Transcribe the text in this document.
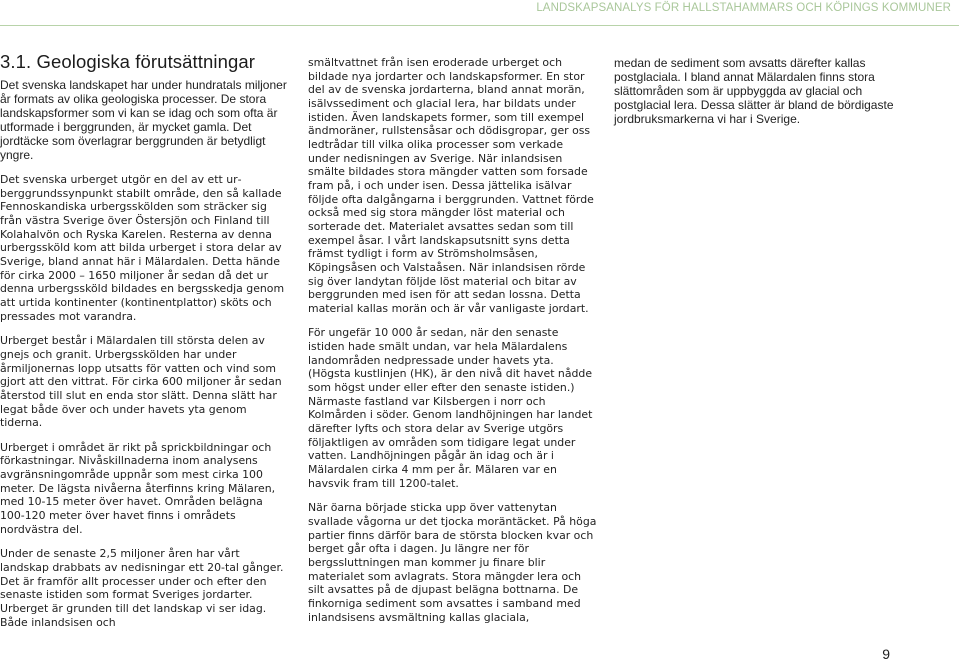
LANDSKAPSANALYS FÖR HALLSTAHAMMARS OCH KÖPINGS KOMMUNER
3.1. Geologiska förutsättningar

Det svenska landskapet har under hundratals miljoner år formats av olika geologiska processer. De stora landskapsformer som vi kan se idag och som ofta är utformade i berggrunden, är mycket gamla. Det jordtäcke som överlagrar berggrunden är betydligt yngre.

Det svenska urberget utgör en del av ett urberggrundssynpunkt stabilt område, den så kallade Fennoskandiska urbergsskölden som sträcker sig från västra Sverige över Östersjön och Finland till Kolahalvön och Ryska Karelen. Resterna av denna urbergssköld kom att bilda urberget i stora delar av Sverige, bland annat här i Mälardalen. Detta hände för cirka 2000 – 1650 miljoner år sedan då det ur denna urbergssköld bildades en bergsskedja genom att urtida kontinenter (kontinentplattor) sköts och pressades mot varandra.

Urberget består i Mälardalen till största delen av gnejs och granit. Urbergsskölden har under årmiljonernas lopp utsatts för vatten och vind som gjort att den vittrat. För cirka 600 miljoner år sedan återstod till slut en enda stor slätt. Denna slätt har legat både över och under havets yta genom tiderna.

Urberget i området är rikt på sprickbildningar och förkastningar. Nivåskillnaderna inom analysens avgränsningområde uppnår som mest cirka 100 meter. De lägsta nivåerna återfinns kring Mälaren, med 10-15 meter över havet. Områden belägna 100-120 meter över havet finns i områdets nordvästra del.

Under de senaste 2,5 miljoner åren har vårt landskap drabbats av nedisningar ett 20-tal gånger. Det är framför allt processer under och efter den senaste istiden som format Sveriges jordarter. Urberget är grunden till det landskap vi ser idag. Både inlandsisen och

smältvattnet från isen eroderade urberget och bildade nya jordarter och landskapsformer. En stor del av de svenska jordarterna, bland annat morän, isälvssediment och glacial lera, har bildats under istiden. Även landskapets former, som till exempel ändmoräner, rullstensåsar och dödisgropar, ger oss ledtrådar till vilka olika processer som verkade under nedisningen av Sverige. När inlandsisen smälte bildades stora mängder vatten som forsade fram på, i och under isen. Dessa jättelika isälvar följde ofta dalgångarna i berggrunden. Vattnet förde också med sig stora mängder löst material och sorterade det. Materialet avsattes sedan som till exempel åsar. I vårt landskapsutsnitt syns detta främst tydligt i form av Strömsholmsåsen, Köpingsåsen och Valstaåsen. När inlandsisen rörde sig över landytan följde löst material och bitar av berggrunden med isen för att sedan lossna. Detta material kallas morän och är vår vanligaste jordart.

För ungefär 10 000 år sedan, när den senaste istiden hade smält undan, var hela Mälardalens landområden nedpressade under havets yta. (Högsta kustlinjen (HK), är den nivå dit havet nådde som högst under eller efter den senaste istiden.) Närmaste fastland var Kilsbergen i norr och Kolmården i söder. Genom landhöjningen har landet därefter lyfts och stora delar av Sverige utgörs följaktligen av områden som tidigare legat under vatten. Landhöjningen pågår än idag och är i Mälardalen cirka 4 mm per år. Mälaren var en havsvik fram till 1200-talet.

När öarna började sticka upp över vattenytan svallade vågorna ur det tjocka moräntäcket. På höga partier finns därför bara de största blocken kvar och berget går ofta i dagen. Ju längre ner för bergssluttningen man kommer ju finare blir materialet som avlagrats. Stora mängder lera och silt avsattes på de djupast belägna bottnarna. De finkorniga sediment som avsattes i samband med inlandsisens avsmältning kallas glaciala,

medan de sediment som avsatts därefter kallas postglaciala. I bland annat Mälardalen finns stora slättområden som är uppbyggda av glacial och postglacial lera. Dessa slätter är bland de bördigaste jordbruksmarkerna vi har i Sverige.

9
